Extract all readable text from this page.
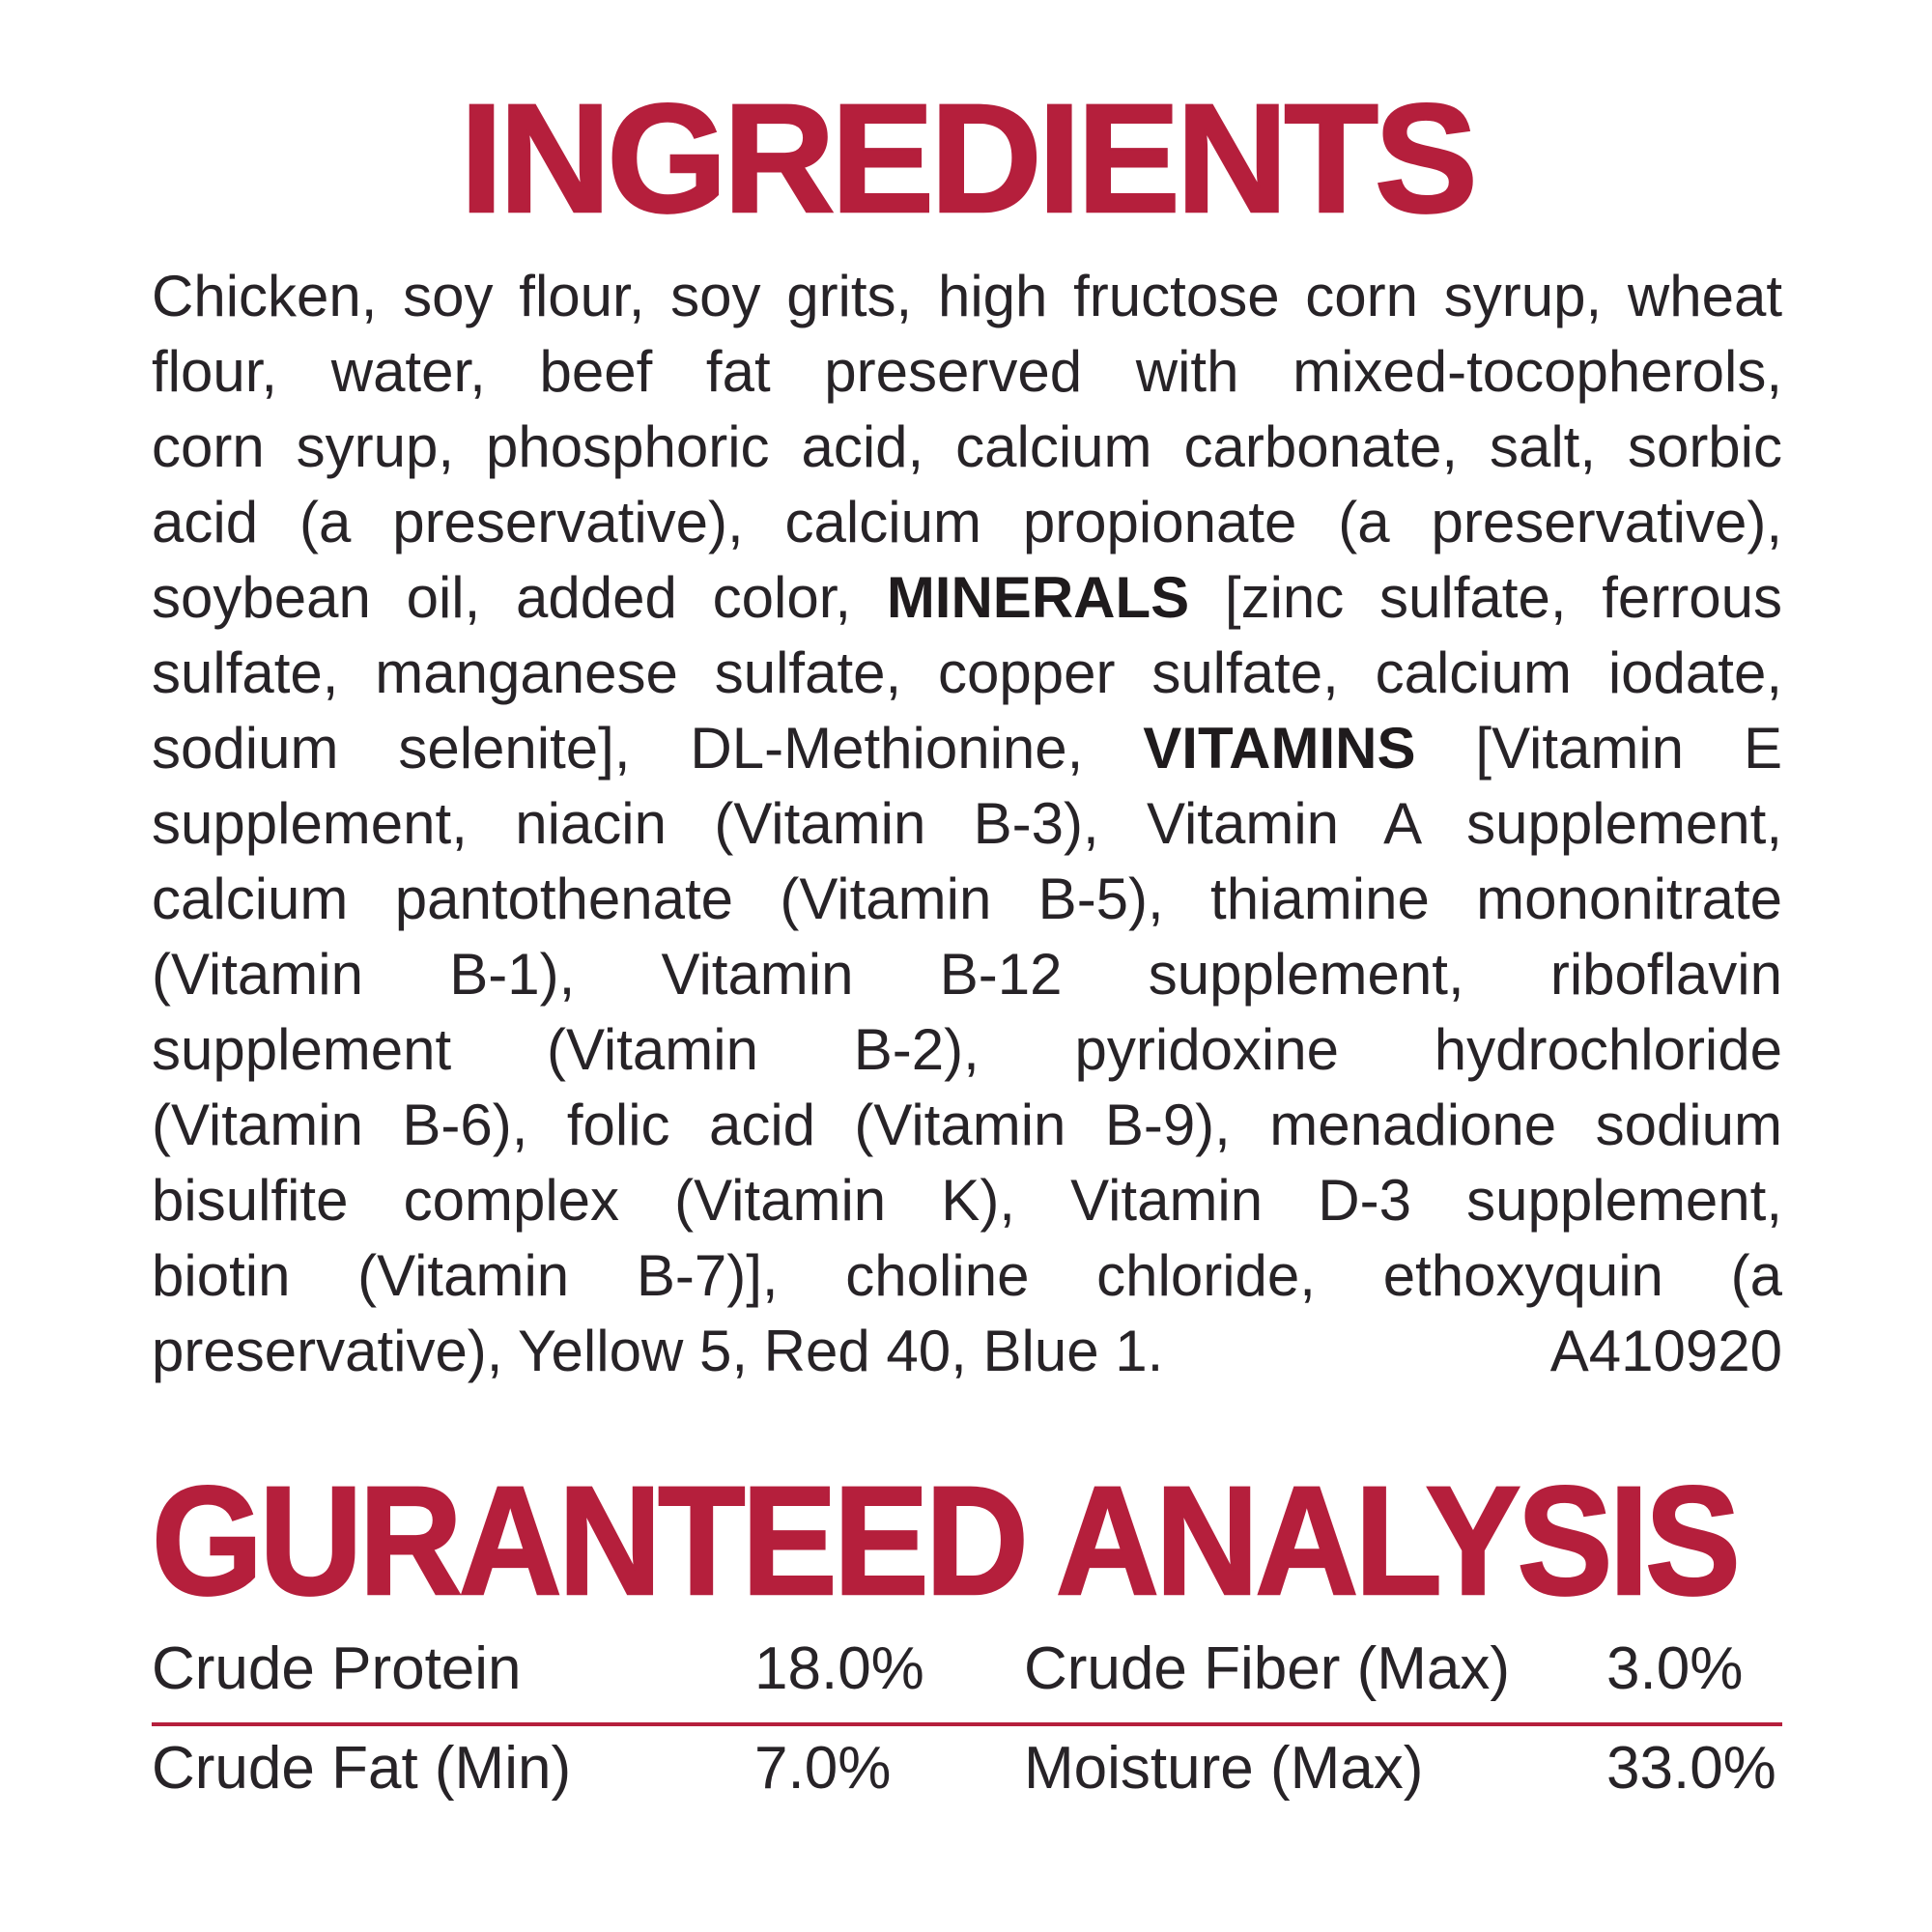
INGREDIENTS
Chicken, soy flour, soy grits, high fructose corn syrup, wheat
flour, water, beef fat preserved with mixed-tocopherols,
corn syrup, phosphoric acid, calcium carbonate, salt, sorbic
acid (a preservative), calcium propionate (a preservative),
soybean oil, added color, MINERALS [zinc sulfate, ferrous
sulfate, manganese sulfate, copper sulfate, calcium iodate,
sodium selenite], DL-Methionine, VITAMINS [Vitamin E
supplement, niacin (Vitamin B-3), Vitamin A supplement,
calcium pantothenate (Vitamin B-5), thiamine mononitrate
(Vitamin B-1), Vitamin B-12 supplement, riboflavin
supplement (Vitamin B-2), pyridoxine hydrochloride
(Vitamin B-6), folic acid (Vitamin B-9), menadione sodium
bisulfite complex (Vitamin K), Vitamin D-3 supplement,
biotin (Vitamin B-7)], choline chloride, ethoxyquin (a
preservative), Yellow 5, Red 40, Blue 1.	A410920
GURANTEED ANALYSIS
Crude Protein	18.0%	Crude Fiber (Max)	3.0%
Crude Fat (Min)	7.0%	Moisture (Max)	33.0%
